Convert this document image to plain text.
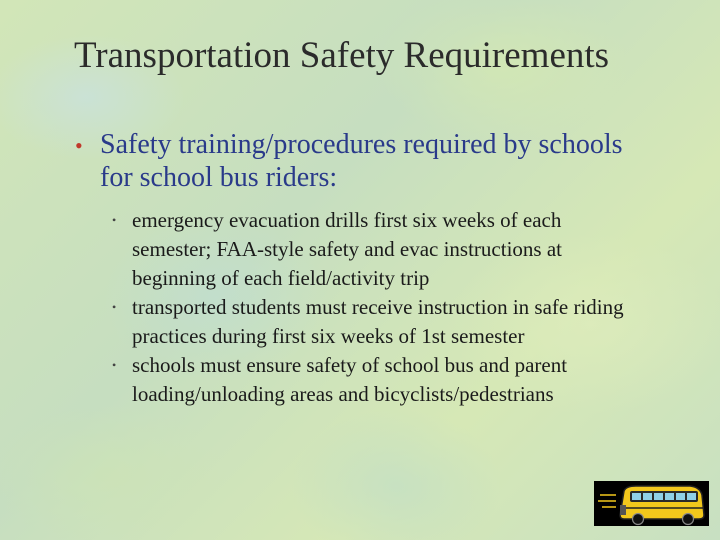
Transportation Safety Requirements
• Safety training/procedures required by schools for school bus riders:
• emergency evacuation drills first six weeks of each semester; FAA-style safety and evac instructions at beginning of each field/activity trip
• transported students must receive instruction in safe riding practices during first six weeks of 1st semester
• schools must ensure safety of school bus and parent loading/unloading areas and bicyclists/pedestrians
